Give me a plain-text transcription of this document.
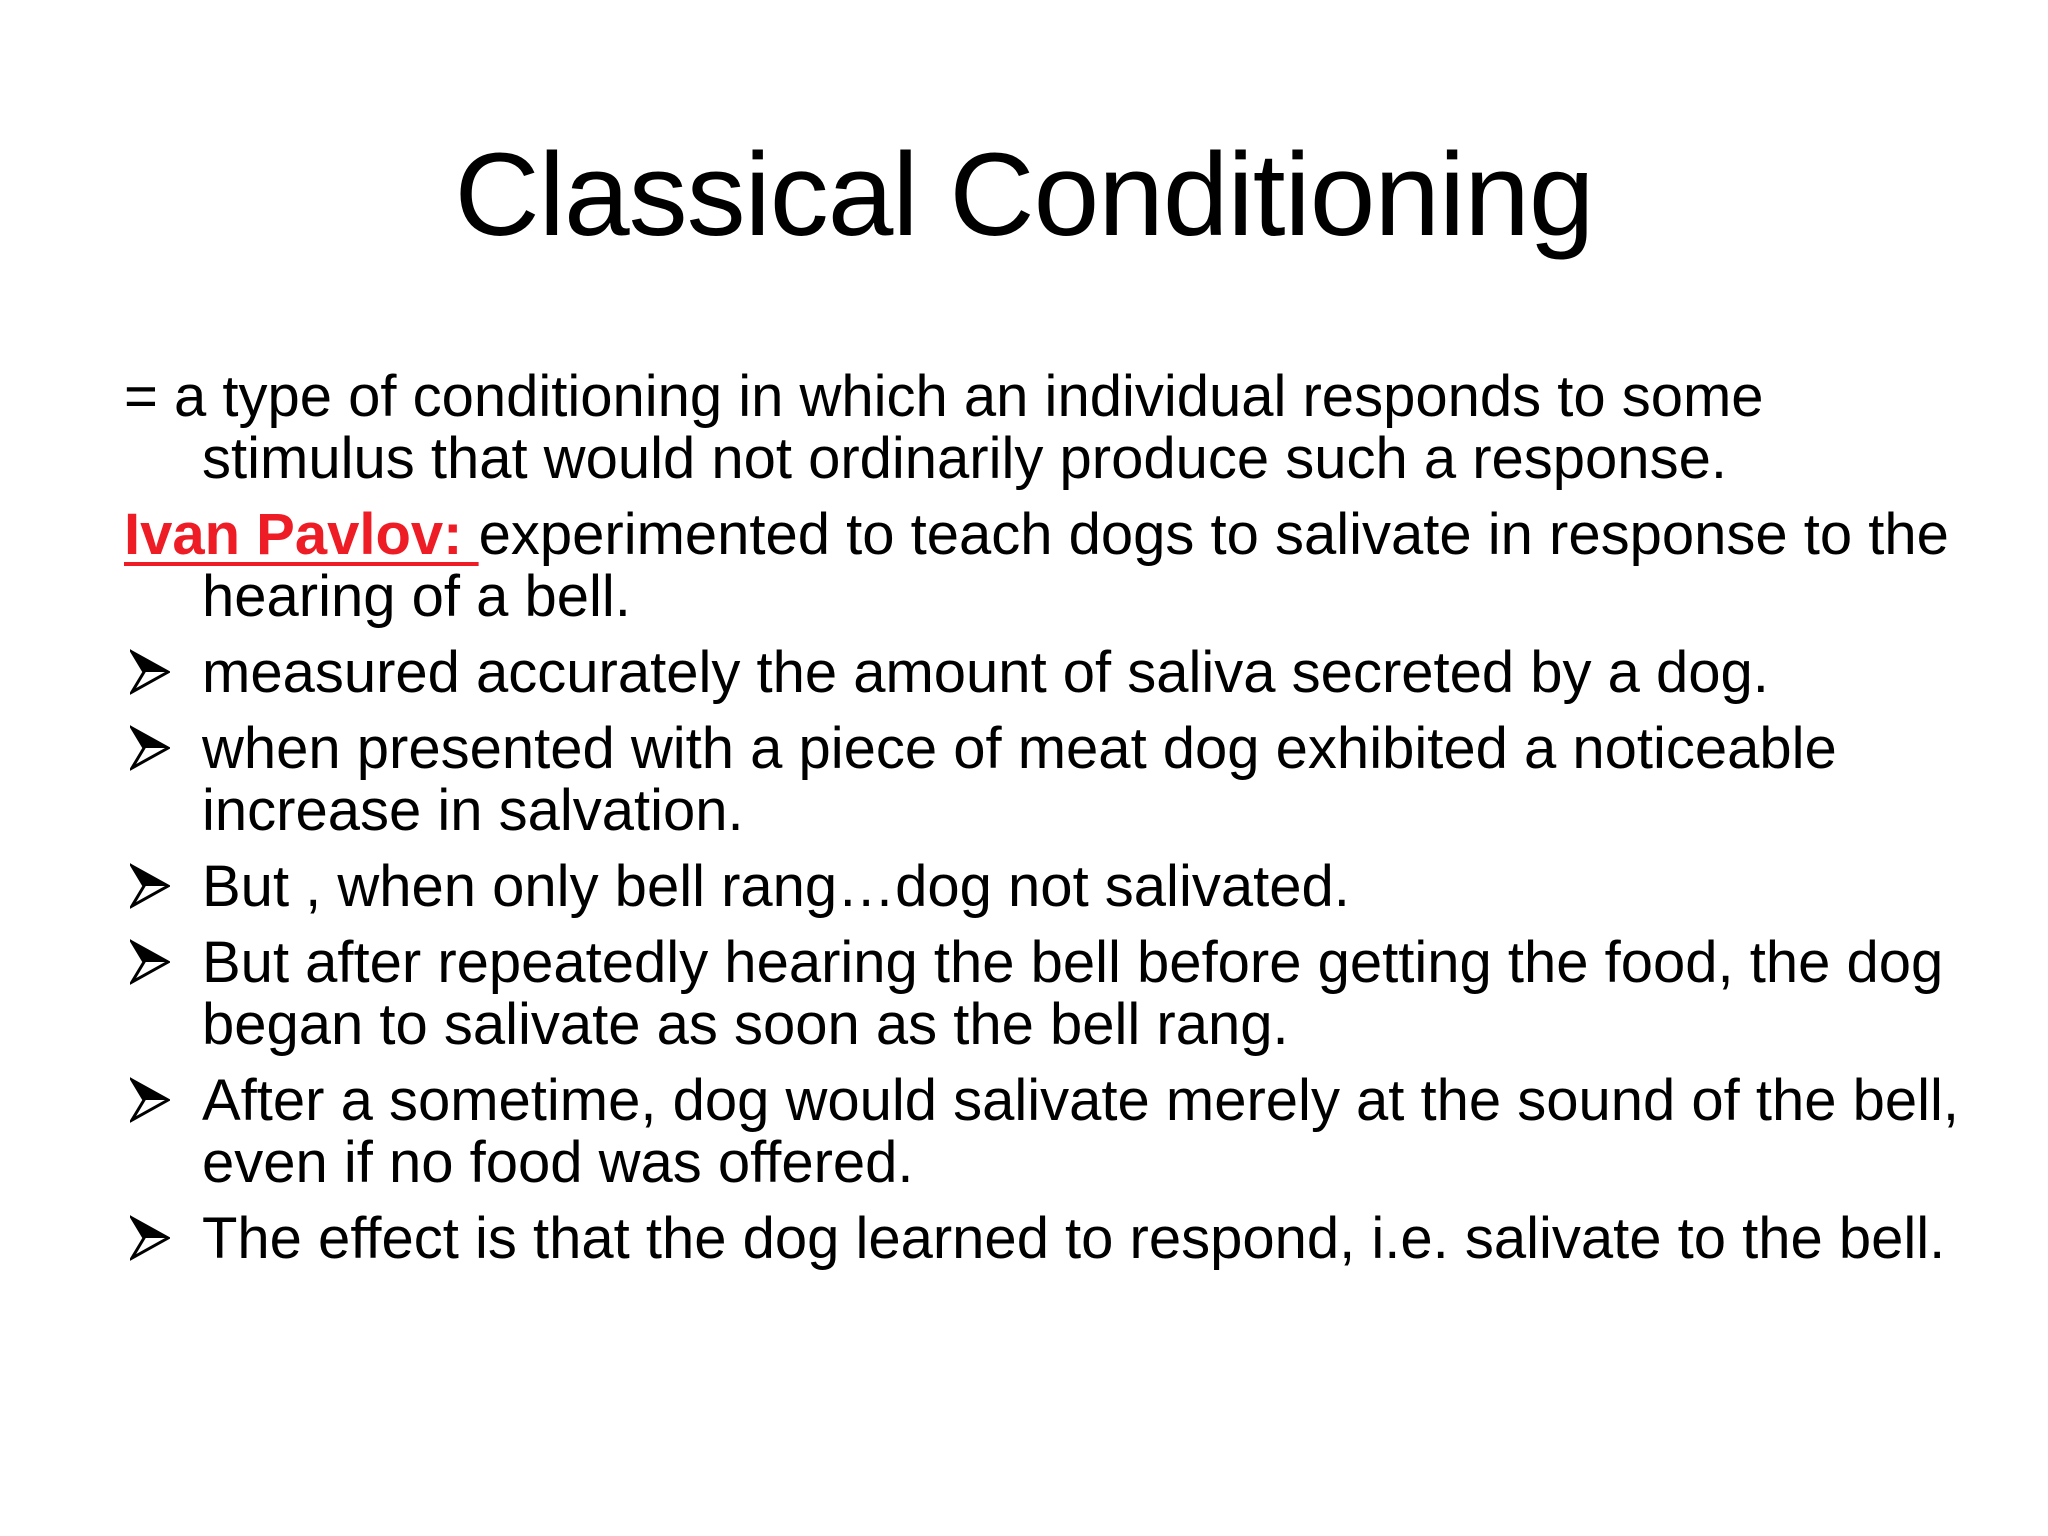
Classical Conditioning

= a type of conditioning in which an individual responds to some stimulus that would not ordinarily produce such a response.

Ivan Pavlov: experimented to teach dogs to salivate in response to the hearing of a bell.

measured accurately the amount of saliva secreted by a dog.
when presented with a piece of meat dog exhibited a noticeable increase in salvation.
But , when only bell rang…dog not salivated.
But after repeatedly hearing the bell before getting the food, the dog began to salivate as soon as the bell rang.
After a sometime, dog would salivate merely at the sound of the bell, even if no food was offered.
The effect is that the dog learned to respond, i.e. salivate to the bell.
